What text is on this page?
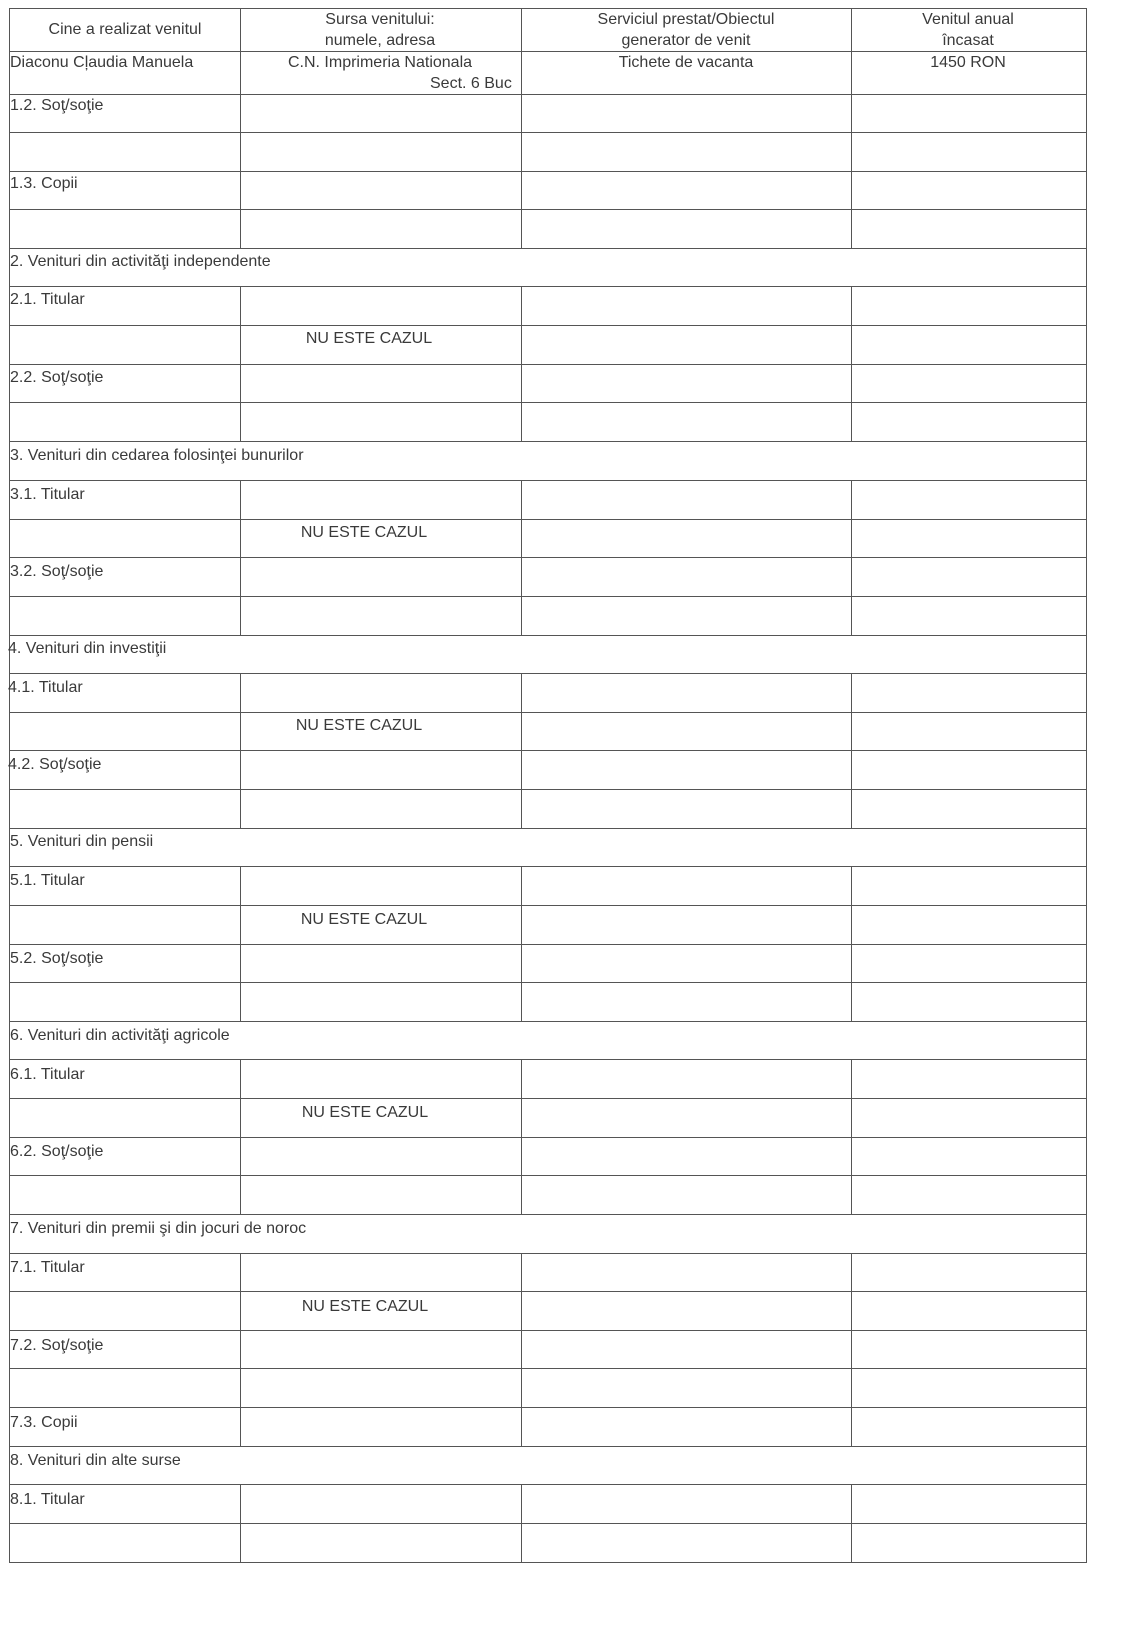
Cine a realizat venitul
Sursa venitului:
numele, adresa
Serviciul prestat/Obiectul
generator de venit
Venitul anual
încasat
Diaconu Cļaudia Manuela	C.N. Imprimeria Nationala
Sect. 6 Buc
Tichete de vacanta	1450 RON
1.2. Soţ/soţie
1.3. Copii
2. Venituri din activităţi independente
2.1. Titular
NU ESTE CAZUL
2.2. Soţ/soţie
3. Venituri din cedarea folosinţei bunurilor
3.1. Titular
NU ESTE CAZUL
3.2. Soţ/soţie
4. Venituri din investiţii
4.1. Titular
NU ESTE CAZUL
4.2. Soţ/soţie
5. Venituri din pensii
5.1. Titular
NU ESTE CAZUL
5.2. Soţ/soţie
6. Venituri din activităţi agricole
6.1. Titular
NU ESTE CAZUL
6.2. Soţ/soţie
7. Venituri din premii şi din jocuri de noroc
7.1. Titular
NU ESTE CAZUL
7.2. Soţ/soţie
7.3. Copii
8. Venituri din alte surse
8.1. Titular
